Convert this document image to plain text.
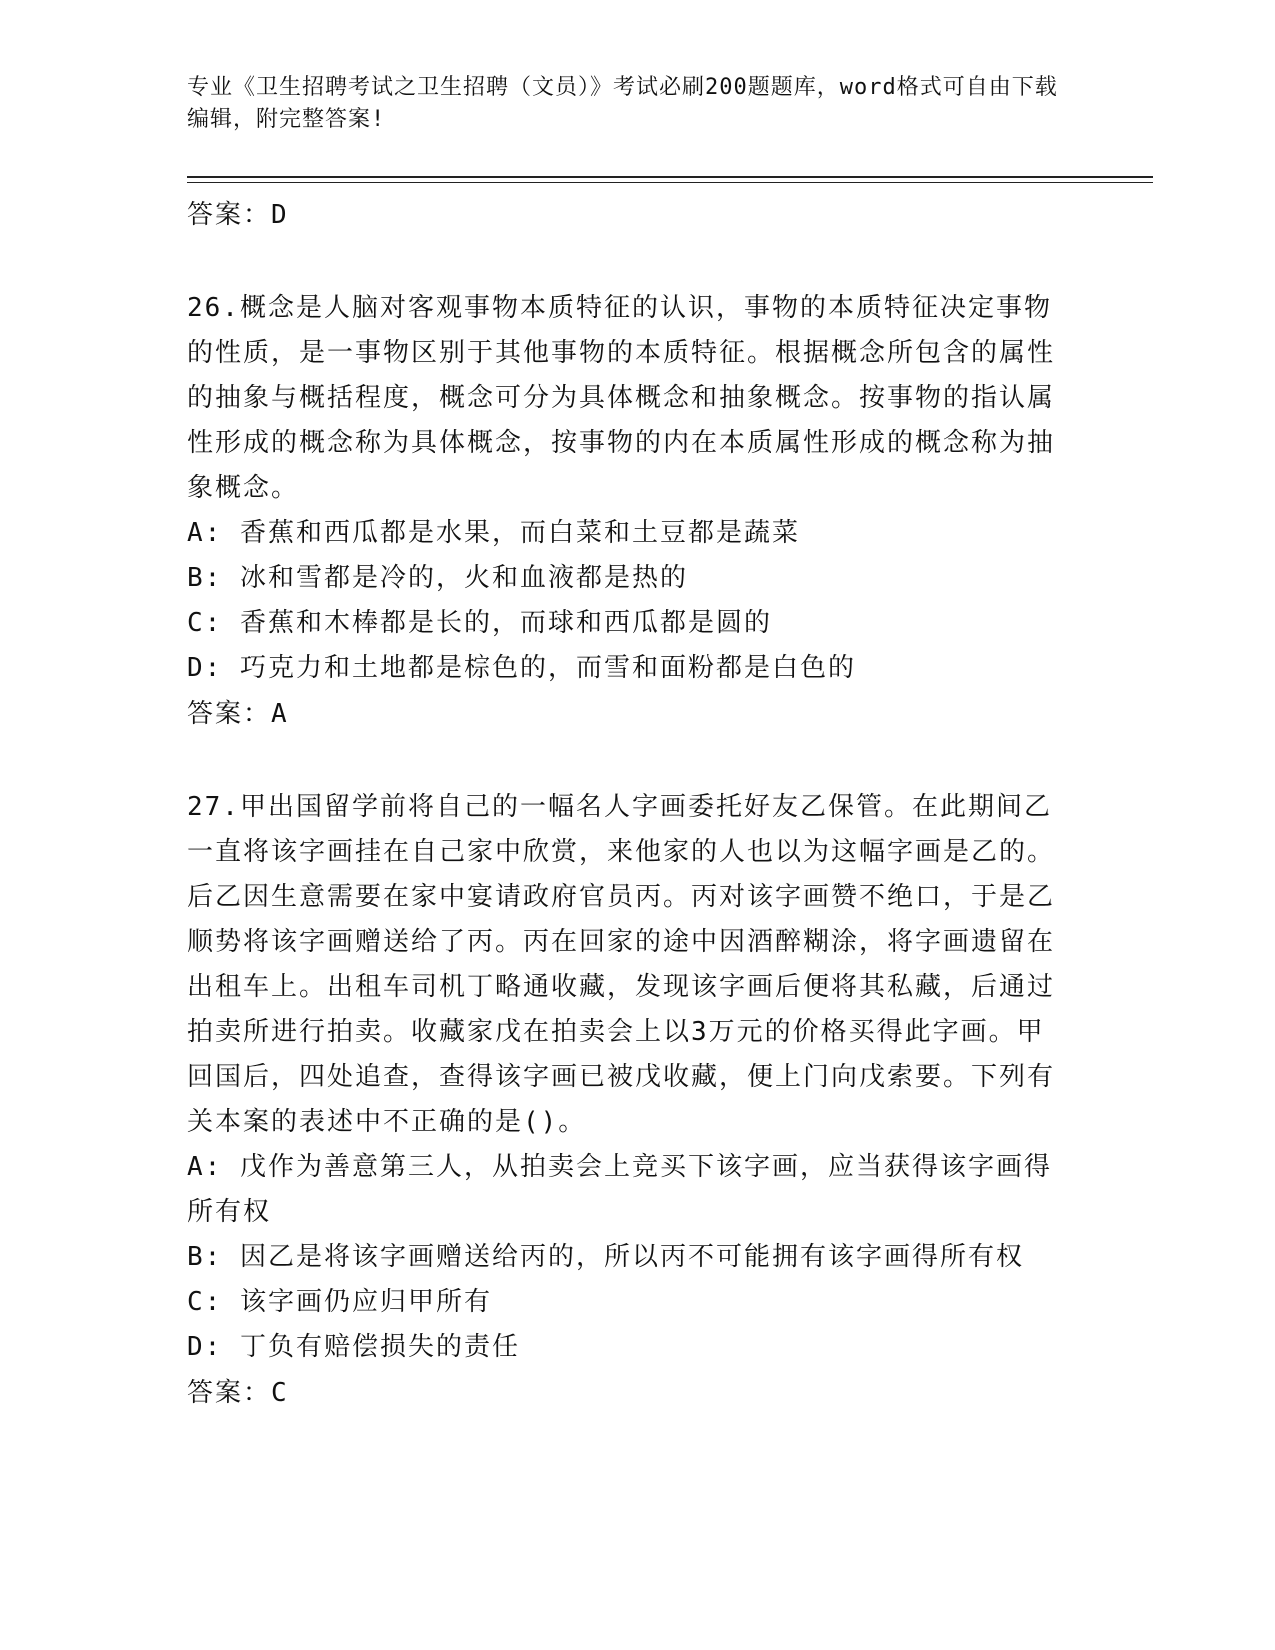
专业《卫生招聘考试之卫生招聘（文员）》考试必刷200题题库，word格式可自由下载编辑，附完整答案!
答案：D
26.概念是人脑对客观事物本质特征的认识，事物的本质特征决定事物的性质，是一事物区别于其他事物的本质特征。根据概念所包含的属性的抽象与概括程度，概念可分为具体概念和抽象概念。按事物的指认属性形成的概念称为具体概念，按事物的内在本质属性形成的概念称为抽象概念。
A: 香蕉和西瓜都是水果，而白菜和土豆都是蔬菜
B: 冰和雪都是冷的，火和血液都是热的
C: 香蕉和木棒都是长的，而球和西瓜都是圆的
D: 巧克力和土地都是棕色的，而雪和面粉都是白色的
答案：A
27.甲出国留学前将自己的一幅名人字画委托好友乙保管。在此期间乙一直将该字画挂在自己家中欣赏，来他家的人也以为这幅字画是乙的。后乙因生意需要在家中宴请政府官员丙。丙对该字画赞不绝口，于是乙顺势将该字画赠送给了丙。丙在回家的途中因酒醉糊涂，将字画遗留在出租车上。出租车司机丁略通收藏，发现该字画后便将其私藏，后通过拍卖所进行拍卖。收藏家戊在拍卖会上以3万元的价格买得此字画。甲回国后，四处追查，查得该字画已被戊收藏，便上门向戊索要。下列有关本案的表述中不正确的是()。
A: 戊作为善意第三人，从拍卖会上竞买下该字画，应当获得该字画得所有权
B: 因乙是将该字画赠送给丙的，所以丙不可能拥有该字画得所有权
C: 该字画仍应归甲所有
D: 丁负有赔偿损失的责任
答案：C
